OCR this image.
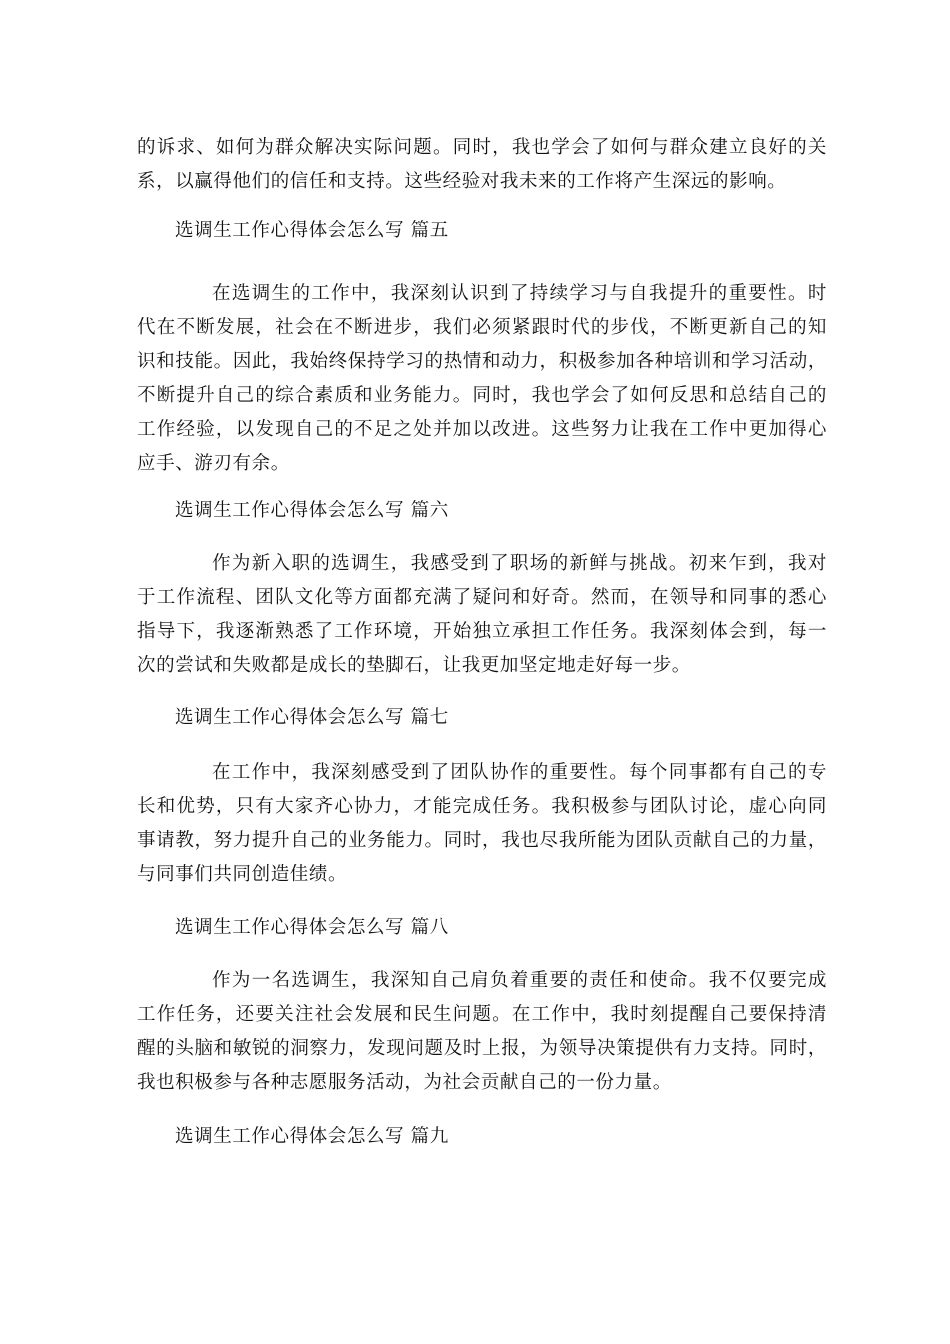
的诉求、如何为群众解决实际问题。同时，我也学会了如何与群众建立良好的关
系，以赢得他们的信任和支持。这些经验对我未来的工作将产生深远的影响。
选调生工作心得体会怎么写 篇五
在选调生的工作中，我深刻认识到了持续学习与自我提升的重要性。时
代在不断发展，社会在不断进步，我们必须紧跟时代的步伐，不断更新自己的知
识和技能。因此，我始终保持学习的热情和动力，积极参加各种培训和学习活动，
不断提升自己的综合素质和业务能力。同时，我也学会了如何反思和总结自己的
工作经验，以发现自己的不足之处并加以改进。这些努力让我在工作中更加得心
应手、游刃有余。
选调生工作心得体会怎么写 篇六
作为新入职的选调生，我感受到了职场的新鲜与挑战。初来乍到，我对
于工作流程、团队文化等方面都充满了疑问和好奇。然而，在领导和同事的悉心
指导下，我逐渐熟悉了工作环境，开始独立承担工作任务。我深刻体会到，每一
次的尝试和失败都是成长的垫脚石，让我更加坚定地走好每一步。
选调生工作心得体会怎么写 篇七
在工作中，我深刻感受到了团队协作的重要性。每个同事都有自己的专
长和优势，只有大家齐心协力，才能完成任务。我积极参与团队讨论，虚心向同
事请教，努力提升自己的业务能力。同时，我也尽我所能为团队贡献自己的力量，
与同事们共同创造佳绩。
选调生工作心得体会怎么写 篇八
作为一名选调生，我深知自己肩负着重要的责任和使命。我不仅要完成
工作任务，还要关注社会发展和民生问题。在工作中，我时刻提醒自己要保持清
醒的头脑和敏锐的洞察力，发现问题及时上报，为领导决策提供有力支持。同时，
我也积极参与各种志愿服务活动，为社会贡献自己的一份力量。
选调生工作心得体会怎么写 篇九
